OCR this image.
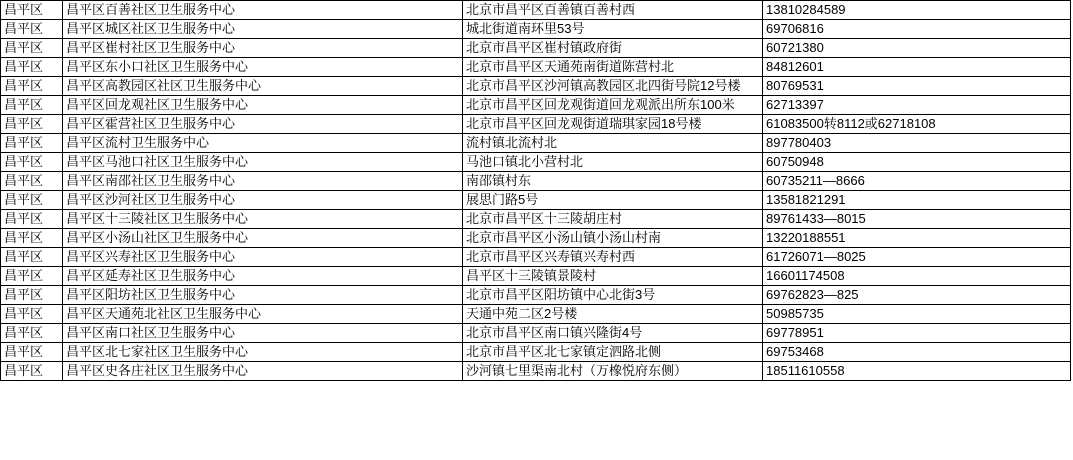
昌平区	昌平区百善社区卫生服务中心	北京市昌平区百善镇百善村西	13810284589
昌平区	昌平区城区社区卫生服务中心	城北街道南环里53号	69706816
昌平区	昌平区崔村社区卫生服务中心	北京市昌平区崔村镇政府街	60721380
昌平区	昌平区东小口社区卫生服务中心	北京市昌平区天通苑南街道陈营村北	84812601
昌平区	昌平区高教园区社区卫生服务中心	北京市昌平区沙河镇高教园区北四街号院12号楼	80769531
昌平区	昌平区回龙观社区卫生服务中心	北京市昌平区回龙观街道回龙观派出所东100米	62713397
昌平区	昌平区霍营社区卫生服务中心	北京市昌平区回龙观街道瑞琪家园18号楼	61083500转8112或62718108
昌平区	昌平区流村卫生服务中心	流村镇北流村北	897780403
昌平区	昌平区马池口社区卫生服务中心	马池口镇北小营村北	60750948
昌平区	昌平区南邵社区卫生服务中心	南邵镇村东	60735211—8666
昌平区	昌平区沙河社区卫生服务中心	展思门路5号	13581821291
昌平区	昌平区十三陵社区卫生服务中心	北京市昌平区十三陵胡庄村	89761433—8015
昌平区	昌平区小汤山社区卫生服务中心	北京市昌平区小汤山镇小汤山村南	13220188551
昌平区	昌平区兴寿社区卫生服务中心	北京市昌平区兴寿镇兴寿村西	61726071—8025
昌平区	昌平区延寿社区卫生服务中心	昌平区十三陵镇景陵村	16601174508
昌平区	昌平区阳坊社区卫生服务中心	北京市昌平区阳坊镇中心北街3号	69762823—825
昌平区	昌平区天通苑北社区卫生服务中心	天通中苑二区2号楼	50985735
昌平区	昌平区南口社区卫生服务中心	北京市昌平区南口镇兴隆街4号	69778951
昌平区	昌平区北七家社区卫生服务中心	北京市昌平区北七家镇定泗路北侧	69753468
昌平区	昌平区史各庄社区卫生服务中心	沙河镇七里渠南北村（万橡悦府东侧）	18511610558
